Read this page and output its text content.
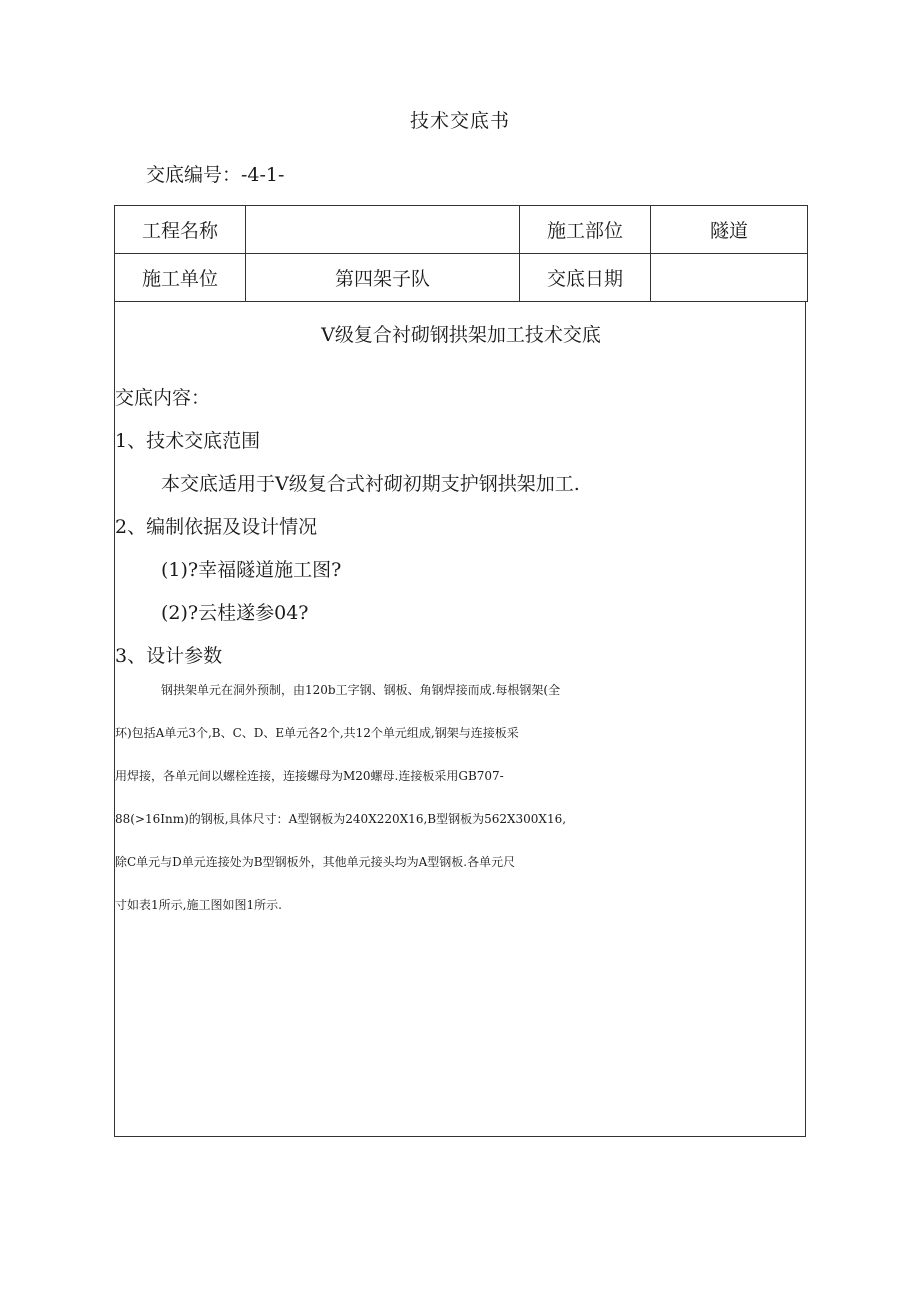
技术交底书
交底编号：-4-1-
工程名称		施工部位	隧道
施工单位	第四架子队	交底日期	
V级复合衬砌钢拱架加工技术交底
交底内容：
1、技术交底范围
本交底适用于V级复合式衬砌初期支护钢拱架加工.
2、编制依据及设计情况
(1)?幸福隧道施工图?
(2)?云桂遂参04?
3、设计参数
钢拱架单元在洞外预制，由120b工字钢、钢板、角钢焊接而成.每根钢架(全
环)包括A单元3个,B、C、D、E单元各2个,共12个单元组成,钢架与连接板采
用焊接，各单元间以螺栓连接，连接螺母为M20螺母.连接板采用GB707-
88(>16Inm)的钢板,具体尺寸：A型钢板为240X220X16,B型钢板为562X300X16,
除C单元与D单元连接处为B型钢板外，其他单元接头均为A型钢板.各单元尺
寸如表1所示,施工图如图1所示.
